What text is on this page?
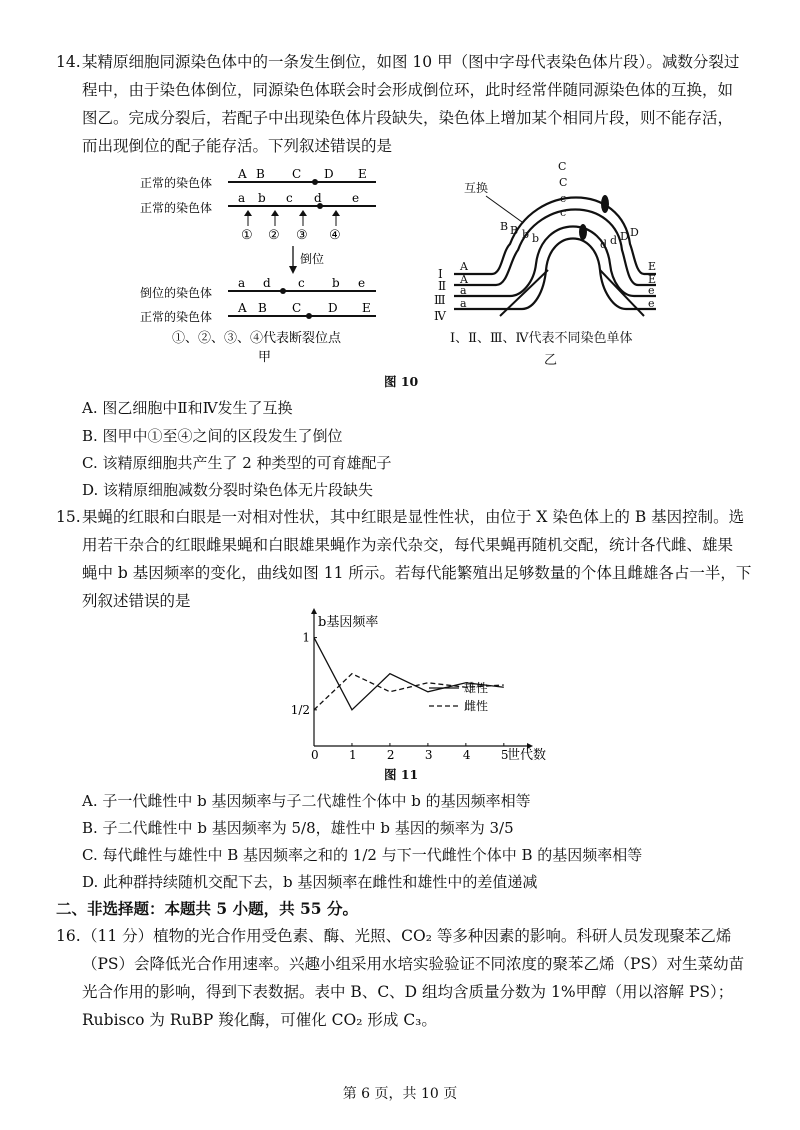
14. 某精原细胞同源染色体中的一条发生倒位，如图 10 甲（图中字母代表染色体片段）。减数分裂过
程中，由于染色体倒位，同源染色体联会时会形成倒位环，此时经常伴随同源染色体的互换，如
图乙。完成分裂后，若配子中出现染色体片段缺失，染色体上增加某个相同片段，则不能存活，
而出现倒位的配子能存活。下列叙述错误的是
正常的染色体
A B C D E
正常的染色体
a b c d	e
① ② ③ ④
倒位
倒位的染色体
a d c b e
正常的染色体
A B C D E
①、②、③、④代表断裂位点
甲
互换
C
C
c
c
B B b b	D
D
d
d
Ⅰ
Ⅱ
Ⅲ
Ⅳ
A
A
a
a
E
E
e
e
Ⅰ、Ⅱ、Ⅲ、Ⅳ代表不同染色单体
乙
图 10
A. 图乙细胞中Ⅱ和Ⅳ发生了互换
B. 图甲中①至④之间的区段发生了倒位
C. 该精原细胞共产生了 2 种类型的可育雄配子
D. 该精原细胞减数分裂时染色体无片段缺失
15. 果蝇的红眼和白眼是一对相对性状，其中红眼是显性性状，由位于 X 染色体上的 B 基因控制。选
用若干杂合的红眼雌果蝇和白眼雄果蝇作为亲代杂交，每代果蝇再随机交配，统计各代雌、雄果
蝇中 b 基因频率的变化，曲线如图 11 所示。若每代能繁殖出足够数量的个体且雌雄各占一半，下
列叙述错误的是
b基因频率
世代数
0	1	2	3	4	5
1/2
1
雄性
雌性
图 11
A. 子一代雌性中 b 基因频率与子二代雄性个体中 b 的基因频率相等
B. 子二代雌性中 b 基因频率为 5/8，雄性中 b 基因的频率为 3/5
C. 每代雌性与雄性中 B 基因频率之和的 1/2 与下一代雌性个体中 B 的基因频率相等
D. 此种群持续随机交配下去，b 基因频率在雌性和雄性中的差值递减
二、非选择题：本题共 5 小题，共 55 分。
16. （11 分）植物的光合作用受色素、酶、光照、CO₂ 等多种因素的影响。科研人员发现聚苯乙烯
（PS）会降低光合作用速率。兴趣小组采用水培实验验证不同浓度的聚苯乙烯（PS）对生菜幼苗
光合作用的影响，得到下表数据。表中 B、C、D 组均含质量分数为 1%甲醇（用以溶解 PS）；
Rubisco 为 RuBP 羧化酶，可催化 CO₂ 形成 C₃。
第 6 页，共 10 页
